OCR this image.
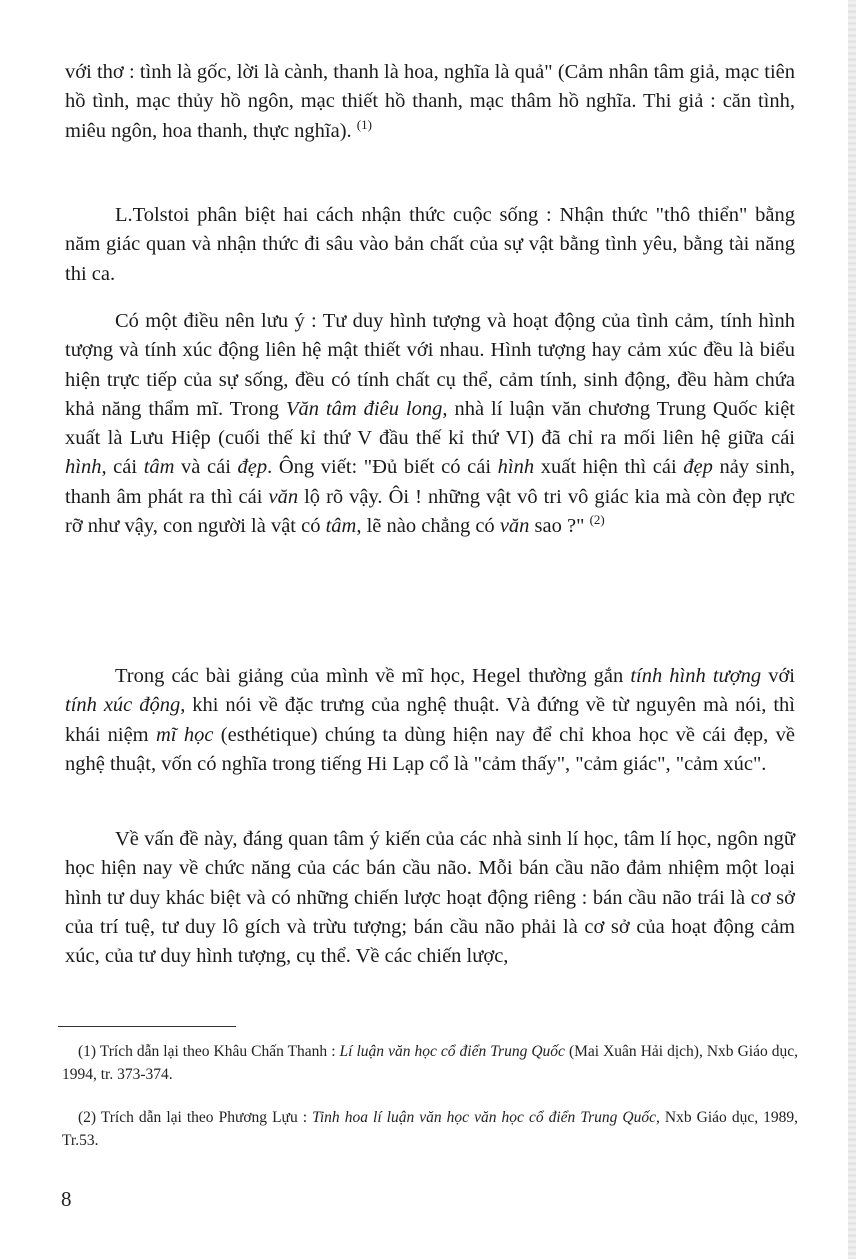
với thơ : tình là gốc, lời là cành, thanh là hoa, nghĩa là quả" (Cảm nhân tâm giả, mạc tiên hồ tình, mạc thủy hồ ngôn, mạc thiết hồ thanh, mạc thâm hồ nghĩa. Thi giả : căn tình, miêu ngôn, hoa thanh, thực nghĩa). $^{(1)}$

L.Tolstoi phân biệt hai cách nhận thức cuộc sống : Nhận thức "thô thiển" bằng năm giác quan và nhận thức đi sâu vào bản chất của sự vật bằng tình yêu, bằng tài năng thi ca.

Có một điều nên lưu ý : Tư duy hình tượng và hoạt động của tình cảm, tính hình tượng và tính xúc động liên hệ mật thiết với nhau. Hình tượng hay cảm xúc đều là biểu hiện trực tiếp của sự sống, đều có tính chất cụ thể, cảm tính, sinh động, đều hàm chứa khả năng thẩm mĩ. Trong Văn tâm điêu long, nhà lí luận văn chương Trung Quốc kiệt xuất là Lưu Hiệp (cuối thế kỉ thứ V đầu thế kỉ thứ VI) đã chỉ ra mối liên hệ giữa cái hình, cái tâm và cái đẹp. Ông viết: "Đủ biết có cái hình xuất hiện thì cái đẹp nảy sinh, thanh âm phát ra thì cái văn lộ rõ vậy. Ôi ! những vật vô tri vô giác kia mà còn đẹp rực rỡ như vậy, con người là vật có tâm, lẽ nào chẳng có văn sao ?" $^{(2)}$

Trong các bài giảng của mình về mĩ học, Hegel thường gắn tính hình tượng với tính xúc động, khi nói về đặc trưng của nghệ thuật. Và đứng về từ nguyên mà nói, thì khái niệm mĩ học (esthétique) chúng ta dùng hiện nay để chỉ khoa học về cái đẹp, về nghệ thuật, vốn có nghĩa trong tiếng Hi Lạp cổ là "cảm thấy", "cảm giác", "cảm xúc".

Về vấn đề này, đáng quan tâm ý kiến của các nhà sinh lí học, tâm lí học, ngôn ngữ học hiện nay về chức năng của các bán cầu não. Mỗi bán cầu não đảm nhiệm một loại hình tư duy khác biệt và có những chiến lược hoạt động riêng : bán cầu não trái là cơ sở của trí tuệ, tư duy lô gích và trừu tượng; bán cầu não phải là cơ sở của hoạt động cảm xúc, của tư duy hình tượng, cụ thể. Về các chiến lược,

(1) Trích dẫn lại theo Khâu Chấn Thanh : Lí luận văn học cổ điển Trung Quốc (Mai Xuân Hải dịch), Nxb Giáo dục, 1994, tr. 373-374.

(2) Trích dẫn lại theo Phương Lựu : Tinh hoa lí luận văn học văn học cổ điển Trung Quốc, Nxb Giáo dục, 1989, Tr.53.

8
